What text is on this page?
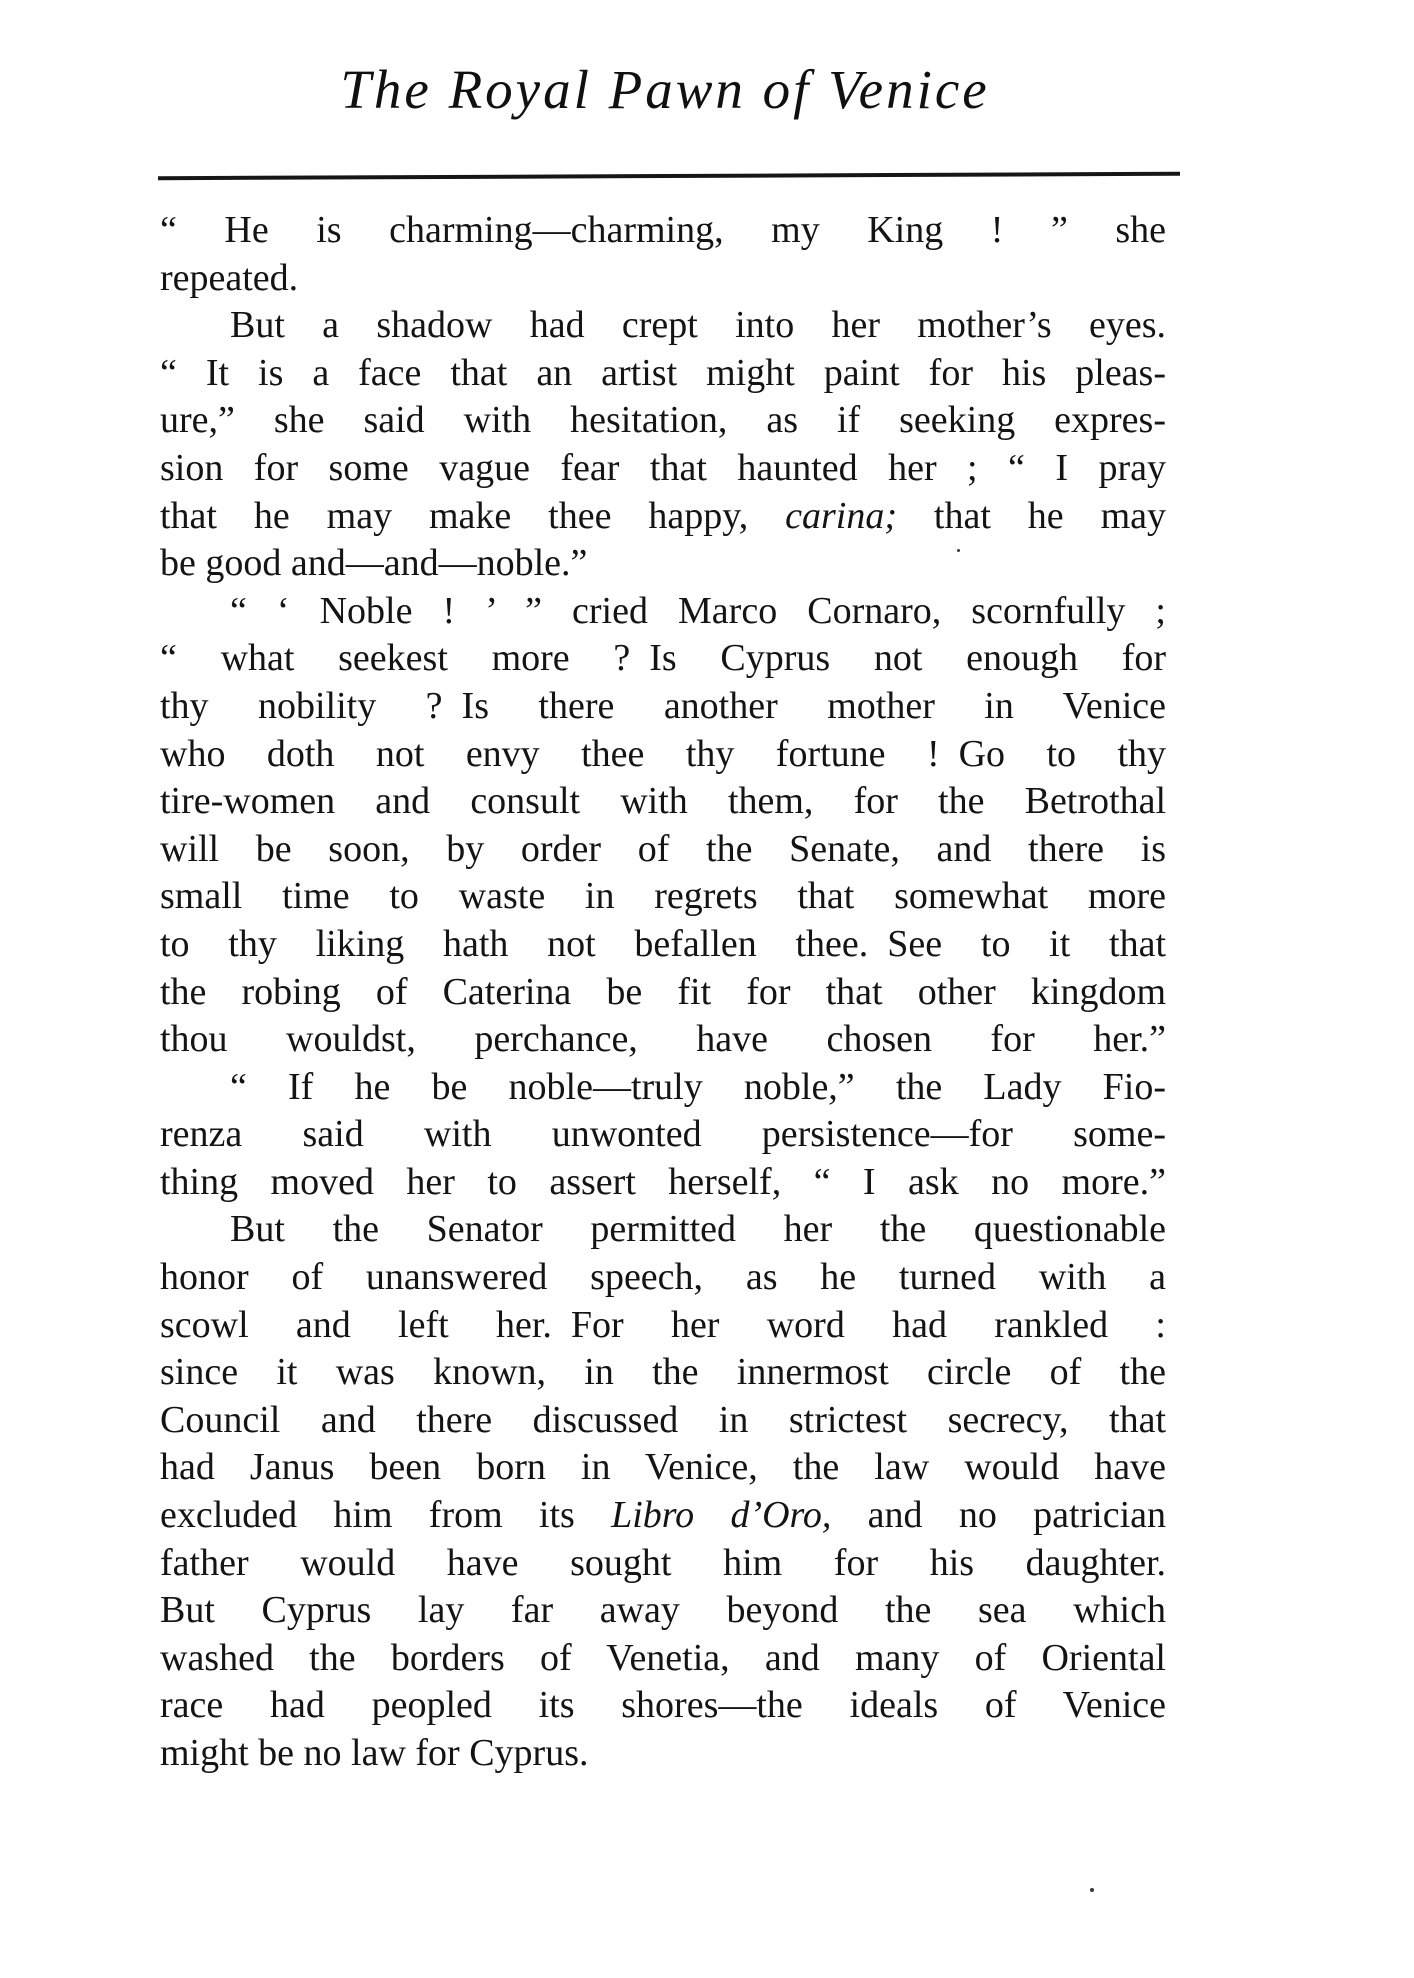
The Royal Pawn of Venice
“ He is charming—charming, my King ! ” she
repeated.
But a shadow had crept into her mother’s eyes.
“ It is a face that an artist might paint for his pleas-
ure,” she said with hesitation, as if seeking expres-
sion for some vague fear that haunted her ; “ I pray
that he may make thee happy, carina; that he may
be good and—and—noble.”
“ ‘ Noble ! ’ ” cried Marco Cornaro, scornfully ;
“ what seekest more ? Is Cyprus not enough for
thy nobility ? Is there another mother in Venice
who doth not envy thee thy fortune ! Go to thy
tire-women and consult with them, for the Betrothal
will be soon, by order of the Senate, and there is
small time to waste in regrets that somewhat more
to thy liking hath not befallen thee. See to it that
the robing of Caterina be fit for that other kingdom
thou wouldst, perchance, have chosen for her.”
“ If he be noble—truly noble,” the Lady Fio-
renza said with unwonted persistence—for some-
thing moved her to assert herself, “ I ask no more.”
But the Senator permitted her the questionable
honor of unanswered speech, as he turned with a
scowl and left her. For her word had rankled :
since it was known, in the innermost circle of the
Council and there discussed in strictest secrecy, that
had Janus been born in Venice, the law would have
excluded him from its Libro d’Oro, and no patrician
father would have sought him for his daughter.
But Cyprus lay far away beyond the sea which
washed the borders of Venetia, and many of Oriental
race had peopled its shores—the ideals of Venice
might be no law for Cyprus.
